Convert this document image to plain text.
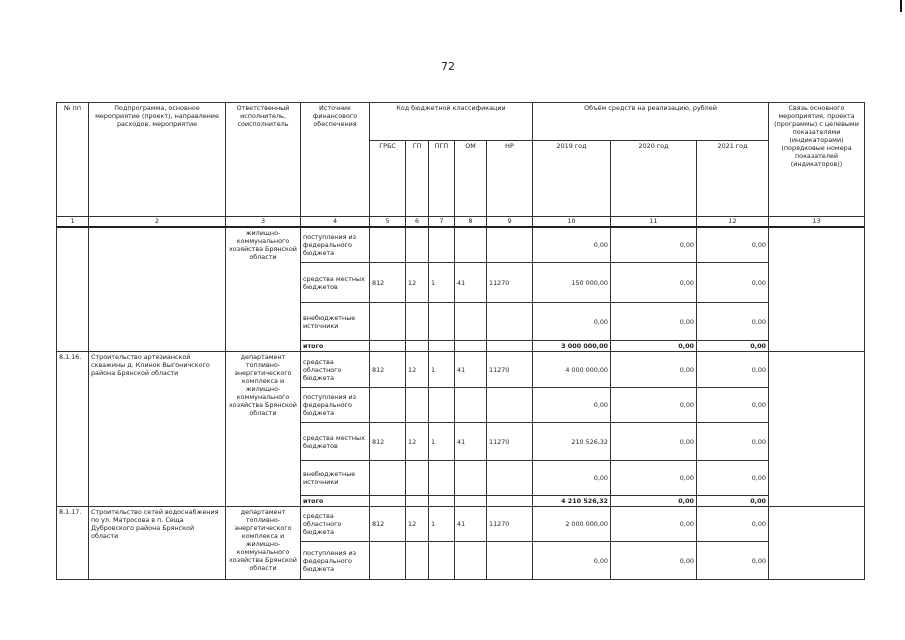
72
№ пп	Подпрограмма, основное мероприятие (проект), направление расходов, мероприятие	Ответственный исполнитель, соисполнитель	Источник финансового обеспечения	Код бюджетной классификации					Объём средств на реализацию, рублей			Связь основного мероприятия, проекта (программы) с целевыми показателями (индикаторами) (порядковые номера показателей (индикаторов))
				ГРБС	ГП	ПГП	ОМ	НР	2019 год	2020 год	2021 год	
1	2	3	4	5	6	7	8	9	10	11	12	13
		жилищно-коммунального хозяйства Брянской области	поступления из федерального бюджета						0,00	0,00	0,00	
			средства местных бюджетов	812	12	1	41	11270	150 000,00	0,00	0,00	
			внебюджетные источники						0,00	0,00	0,00	
			итого						3 000 000,00	0,00	0,00	
8.1.16.	Строительство артезианской скважины д. Клинок Выгоничского района Брянской области	департамент топливно-энергетического комплекса и жилищно-коммунального хозяйства Брянской области	средства областного бюджета	812	12	1	41	11270	4 000 000,00	0,00	0,00	
			поступления из федерального бюджета						0,00	0,00	0,00	
			средства местных бюджетов	812	12	1	41	11270	210 526,32	0,00	0,00	
			внебюджетные источники						0,00	0,00	0,00	
			итого						4 210 526,32	0,00	0,00	
8.1.17.	Строительство сетей водоснабжения по ул. Матросова в п. Сеща Дубровского района Брянской области	департамент топливно-энергетического комплекса и жилищно-коммунального хозяйства Брянской области	средства областного бюджета	812	12	1	41	11270	2 000 000,00	0,00	0,00	
			поступления из федерального бюджета						0,00	0,00	0,00	
